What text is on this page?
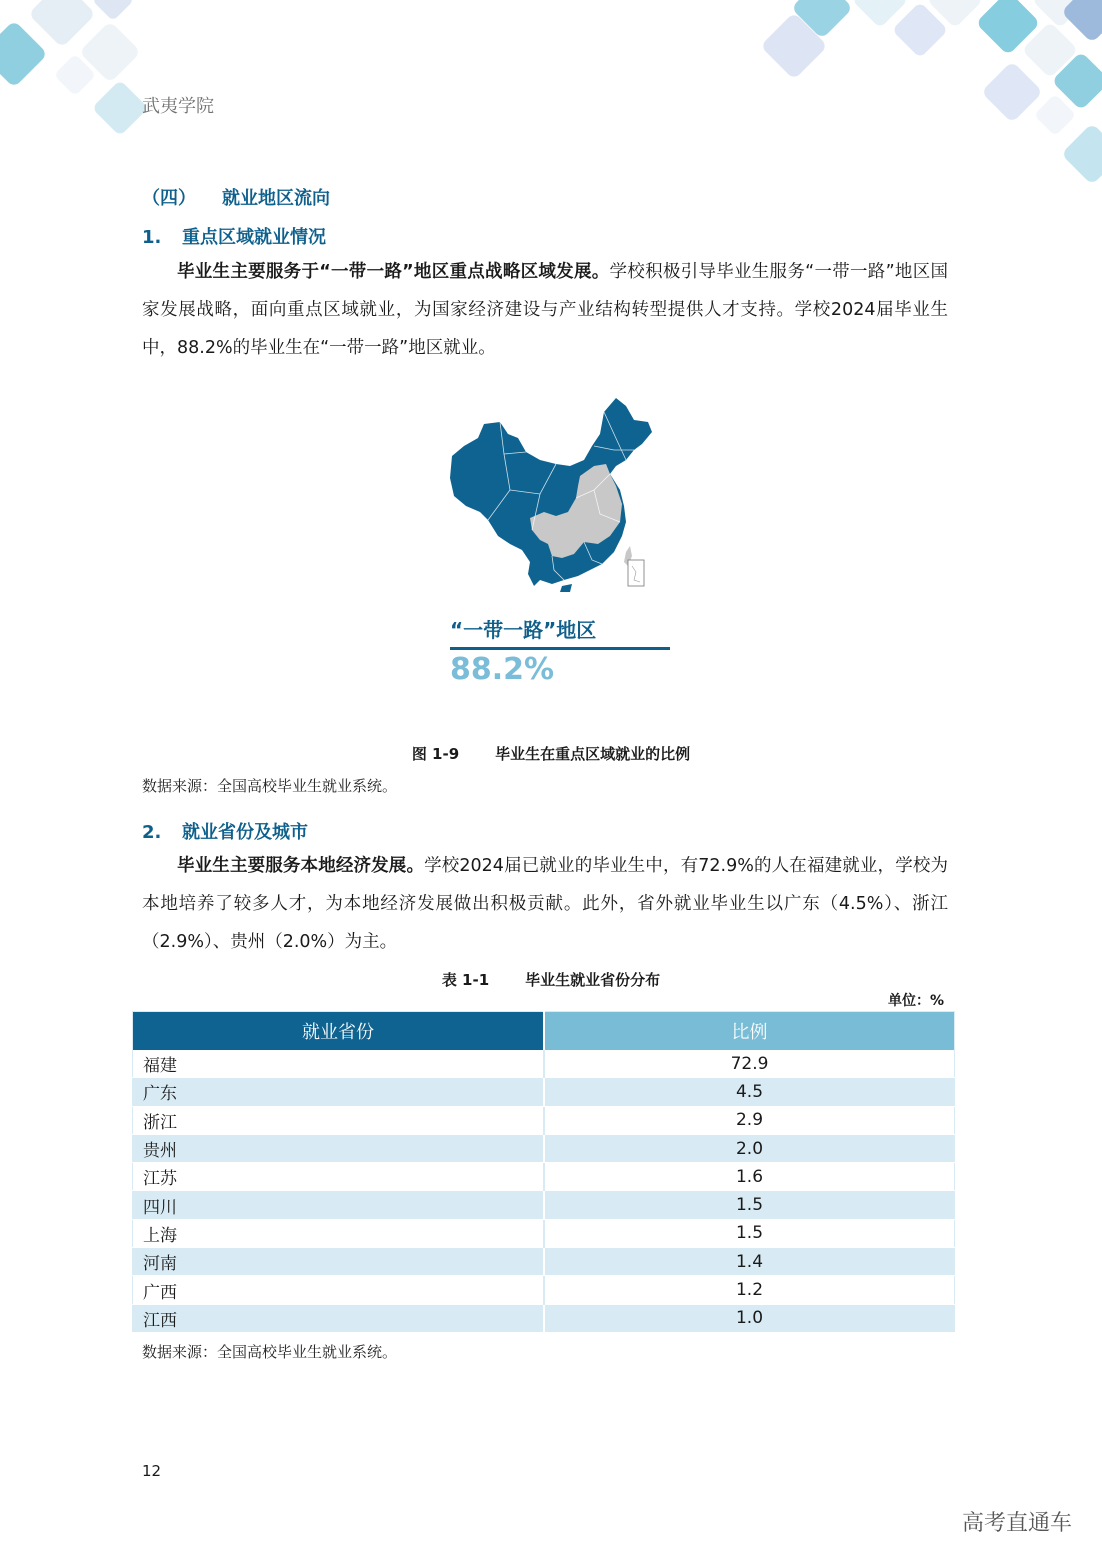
武夷学院
（四） 就业地区流向
1. 重点区域就业情况
毕业生主要服务于“一带一路”地区重点战略区域发展。学校积极引导毕业生服务“一带一路”地区国家发展战略，面向重点区域就业，为国家经济建设与产业结构转型提供人才支持。学校2024届毕业生中，88.2%的毕业生在“一带一路”地区就业。
“一带一路”地区
88.2%
图 1-9 毕业生在重点区域就业的比例
数据来源：全国高校毕业生就业系统。
2. 就业省份及城市
毕业生主要服务本地经济发展。学校2024届已就业的毕业生中，有72.9%的人在福建就业，学校为本地培养了较多人才，为本地经济发展做出积极贡献。此外，省外就业毕业生以广东（4.5%）、浙江（2.9%）、贵州（2.0%）为主。
表 1-1 毕业生就业省份分布
单位：%
就业省份	比例
福建	72.9
广东	4.5
浙江	2.9
贵州	2.0
江苏	1.6
四川	1.5
上海	1.5
河南	1.4
广西	1.2
江西	1.0
数据来源：全国高校毕业生就业系统。
12
高考直通车
